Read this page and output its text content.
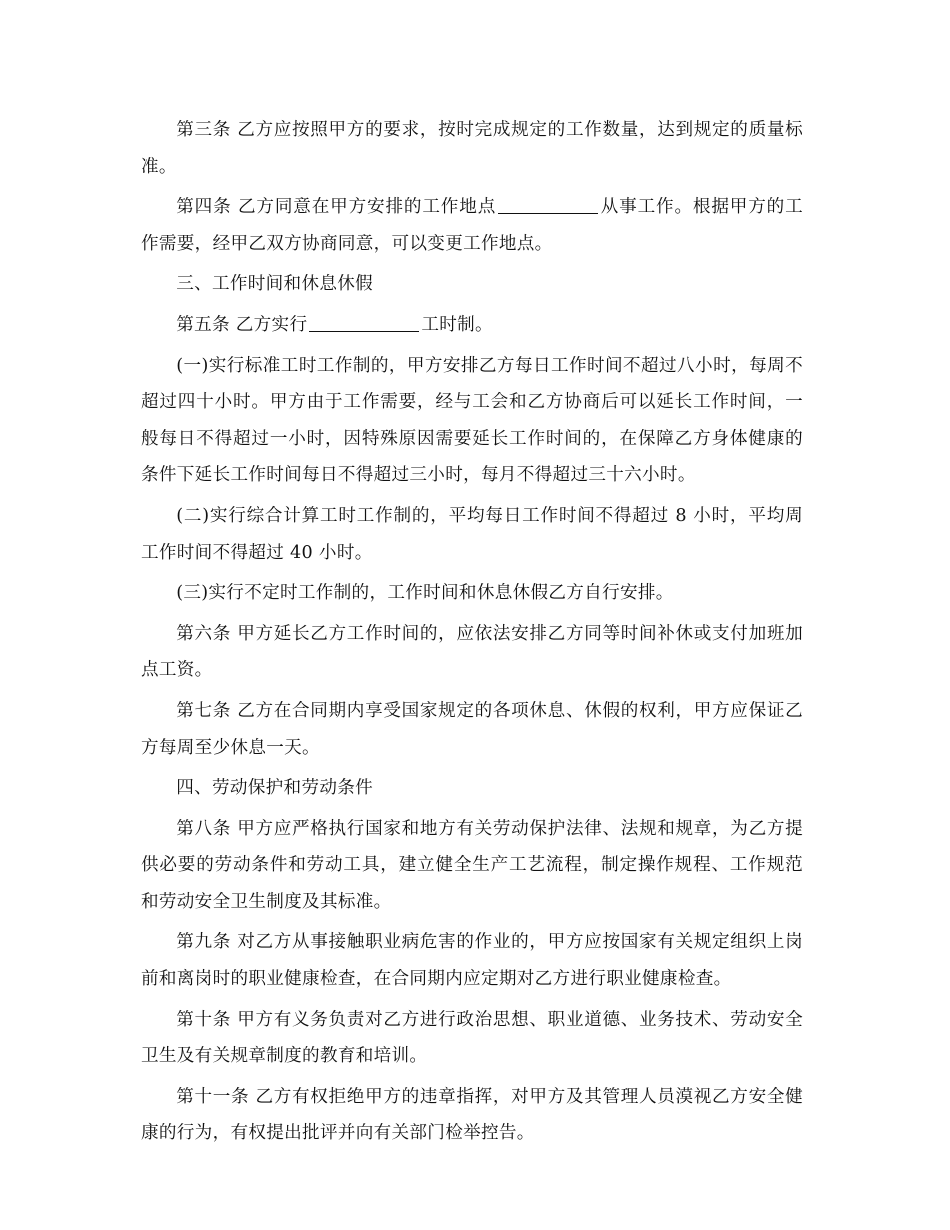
第三条 乙方应按照甲方的要求，按时完成规定的工作数量，达到规定的质量标准。

第四条 乙方同意在甲方安排的工作地点	从事工作。根据甲方的工作需要，经甲乙双方协商同意，可以变更工作地点。

三、工作时间和休息休假

第五条 乙方实行	工时制。

(一)实行标准工时工作制的，甲方安排乙方每日工作时间不超过八小时，每周不超过四十小时。甲方由于工作需要，经与工会和乙方协商后可以延长工作时间，一般每日不得超过一小时，因特殊原因需要延长工作时间的，在保障乙方身体健康的条件下延长工作时间每日不得超过三小时，每月不得超过三十六小时。

(二)实行综合计算工时工作制的，平均每日工作时间不得超过 8 小时，平均周工作时间不得超过 40 小时。

(三)实行不定时工作制的，工作时间和休息休假乙方自行安排。

第六条 甲方延长乙方工作时间的，应依法安排乙方同等时间补休或支付加班加点工资。

第七条 乙方在合同期内享受国家规定的各项休息、休假的权利，甲方应保证乙方每周至少休息一天。

四、劳动保护和劳动条件

第八条 甲方应严格执行国家和地方有关劳动保护法律、法规和规章，为乙方提供必要的劳动条件和劳动工具，建立健全生产工艺流程，制定操作规程、工作规范和劳动安全卫生制度及其标准。

第九条 对乙方从事接触职业病危害的作业的，甲方应按国家有关规定组织上岗前和离岗时的职业健康检查，在合同期内应定期对乙方进行职业健康检查。

第十条 甲方有义务负责对乙方进行政治思想、职业道德、业务技术、劳动安全卫生及有关规章制度的教育和培训。

第十一条 乙方有权拒绝甲方的违章指挥，对甲方及其管理人员漠视乙方安全健康的行为，有权提出批评并向有关部门检举控告。
